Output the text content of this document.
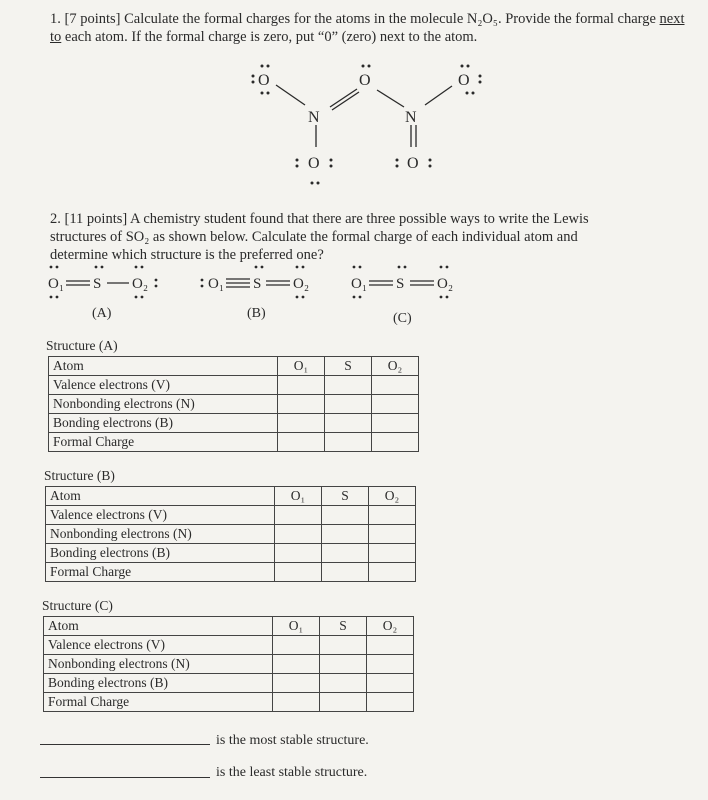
1. [7 points] Calculate the formal charges for the atoms in the molecule N₂O₅. Provide the formal charge next
to each atom. If the formal charge is zero, put “0” (zero) next to the atom.
O
N
O
N
O
O	O
2. [11 points] A chemistry student found that there are three possible ways to write the Lewis
structures of SO₂ as shown below. Calculate the formal charge of each individual atom and
determine which structure is the preferred one?
O₁ S O₂	O₁ S O₂	O₁ S O₂
(A)	(B)	(C)
Structure (A)
Atom	O₁	S	O₂
Valence electrons (V)			
Nonbonding electrons (N)			
Bonding electrons (B)			
Formal Charge			
Structure (B)
Atom	O₁	S	O₂
Valence electrons (V)			
Nonbonding electrons (N)			
Bonding electrons (B)			
Formal Charge			
Structure (C)
Atom	O₁	S	O₂
Valence electrons (V)			
Nonbonding electrons (N)			
Bonding electrons (B)			
Formal Charge			
is the most stable structure.
is the least stable structure.
